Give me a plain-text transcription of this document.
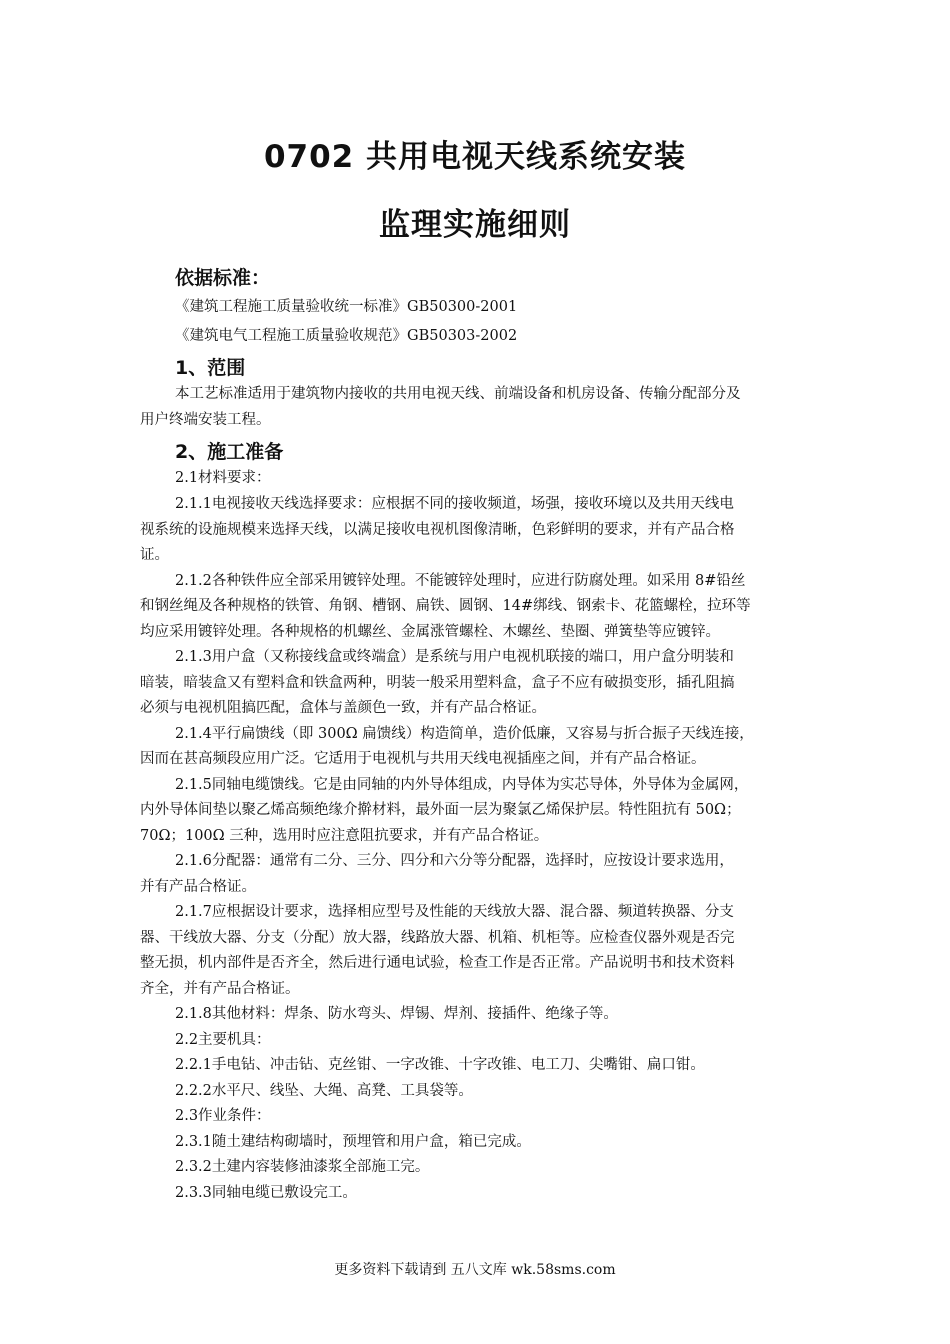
0702 共用电视天线系统安装
监理实施细则
依据标准：
《建筑工程施工质量验收统一标准》GB50300-2001
《建筑电气工程施工质量验收规范》GB50303-2002
1、范围
本工艺标准适用于建筑物内接收的共用电视天线、前端设备和机房设备、传输分配部分及
用户终端安装工程。
2、施工准备
2.1材料要求：
2.1.1电视接收天线选择要求：应根据不同的接收频道，场强，接收环境以及共用天线电
视系统的设施规模来选择天线，以满足接收电视机图像清晰，色彩鲜明的要求，并有产品合格
证。
2.1.2各种铁件应全部采用镀锌处理。不能镀锌处理时，应进行防腐处理。如采用 8#铅丝
和钢丝绳及各种规格的铁管、角钢、槽钢、扁铁、圆钢、14#绑线、钢索卡、花篮螺栓，拉环等
均应采用镀锌处理。各种规格的机螺丝、金属涨管螺栓、木螺丝、垫圈、弹簧垫等应镀锌。
2.1.3用户盒（又称接线盒或终端盒）是系统与用户电视机联接的端口，用户盒分明装和
暗装，暗装盒又有塑料盒和铁盒两种，明装一般采用塑料盒，盒子不应有破损变形，插孔阻搞
必须与电视机阻搞匹配，盒体与盖颜色一致，并有产品合格证。
2.1.4平行扁馈线（即 300Ω 扁馈线）构造简单，造价低廉，又容易与折合振子天线连接，
因而在甚高频段应用广泛。它适用于电视机与共用天线电视插座之间，并有产品合格证。
2.1.5同轴电缆馈线。它是由同轴的内外导体组成，内导体为实芯导体，外导体为金属网，
内外导体间垫以聚乙烯高频绝缘介擀材料，最外面一层为聚氯乙烯保护层。特性阻抗有 50Ω；
70Ω；100Ω 三种，选用时应注意阻抗要求，并有产品合格证。
2.1.6分配器：通常有二分、三分、四分和六分等分配器，选择时，应按设计要求选用，
并有产品合格证。
2.1.7应根据设计要求，选择相应型号及性能的天线放大器、混合器、频道转换器、分支
器、干线放大器、分支（分配）放大器，线路放大器、机箱、机柜等。应检查仪器外观是否完
整无损，机内部件是否齐全，然后进行通电试验，检查工作是否正常。产品说明书和技术资料
齐全，并有产品合格证。
2.1.8其他材料：焊条、防水弯头、焊锡、焊剂、接插件、绝缘子等。
2.2主要机具：
2.2.1手电钻、冲击钻、克丝钳、一字改锥、十字改锥、电工刀、尖嘴钳、扁口钳。
2.2.2水平尺、线坠、大绳、高凳、工具袋等。
2.3作业条件：
2.3.1随土建结构砌墙时，预埋管和用户盒，箱已完成。
2.3.2土建内容装修油漆浆全部施工完。
2.3.3同轴电缆已敷设完工。
更多资料下载请到 五八文库 wk.58sms.com
